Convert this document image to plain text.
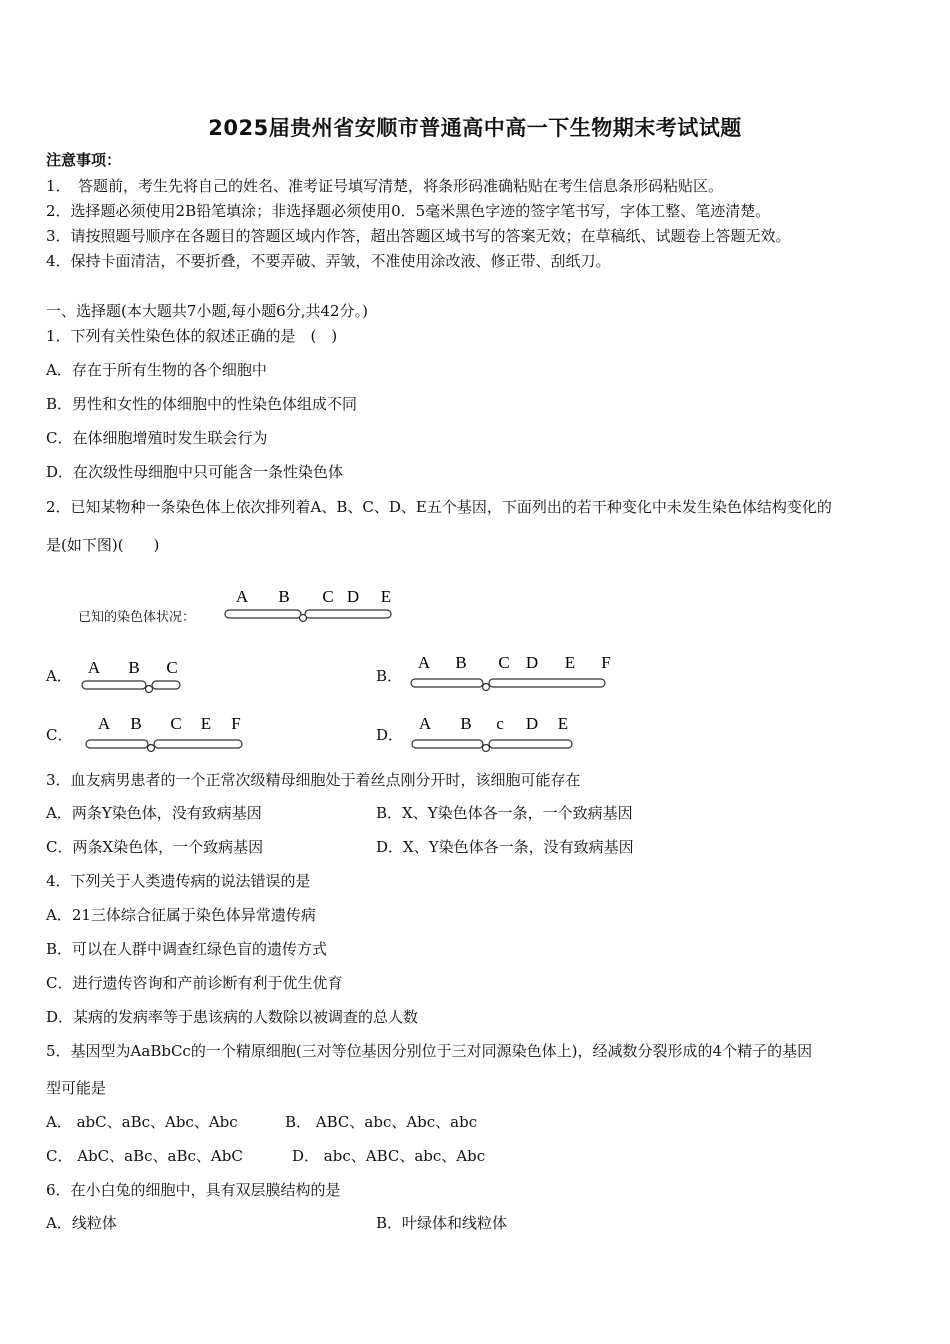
2025届贵州省安顺市普通高中高一下生物期末考试试题
注意事项：
1．　答题前，考生先将自己的姓名、准考证号填写清楚，将条形码准确粘贴在考生信息条形码粘贴区。
2．选择题必须使用2B铅笔填涂；非选择题必须使用0．5毫米黑色字迹的签字笔书写，字体工整、笔迹清楚。
3．请按照题号顺序在各题目的答题区域内作答，超出答题区域书写的答案无效；在草稿纸、试题卷上答题无效。
4．保持卡面清洁，不要折叠，不要弄破、弄皱，不准使用涂改液、修正带、刮纸刀。
一、选择题(本大题共7小题,每小题6分,共42分。)
1．下列有关性染色体的叙述正确的是　(　)
A．存在于所有生物的各个细胞中
B．男性和女性的体细胞中的性染色体组成不同
C．在体细胞增殖时发生联会行为
D．在次级性母细胞中只可能含一条性染色体
2．已知某物种一条染色体上依次排列着A、B、C、D、E五个基因，下面列出的若干种变化中未发生染色体结构变化的
是(如下图)(　　)
已知的染色体状况：
A B C D E
A． A B C	B．
A B C D E F
C．
A B C E F
D．
A B c D E
3．血友病男患者的一个正常次级精母细胞处于着丝点刚分开时，该细胞可能存在
A．两条Y染色体，没有致病基因	B．X、Y染色体各一条，一个致病基因
C．两条X染色体，一个致病基因	D．X、Y染色体各一条，没有致病基因
4．下列关于人类遗传病的说法错误的是
A．21三体综合征属于染色体异常遗传病
B．可以在人群中调查红绿色盲的遗传方式
C．进行遗传咨询和产前诊断有利于优生优育
D．某病的发病率等于患该病的人数除以被调查的总人数
5．基因型为AaBbCc的一个精原细胞(三对等位基因分别位于三对同源染色体上)，经减数分裂形成的4个精子的基因
型可能是
A． abC、aBc、Abc、Abc	B． ABC、abc、Abc、abc
C． AbC、aBc、aBc、AbC	D． abc、ABC、abc、Abc
6．在小白兔的细胞中，具有双层膜结构的是
A．线粒体	B．叶绿体和线粒体
